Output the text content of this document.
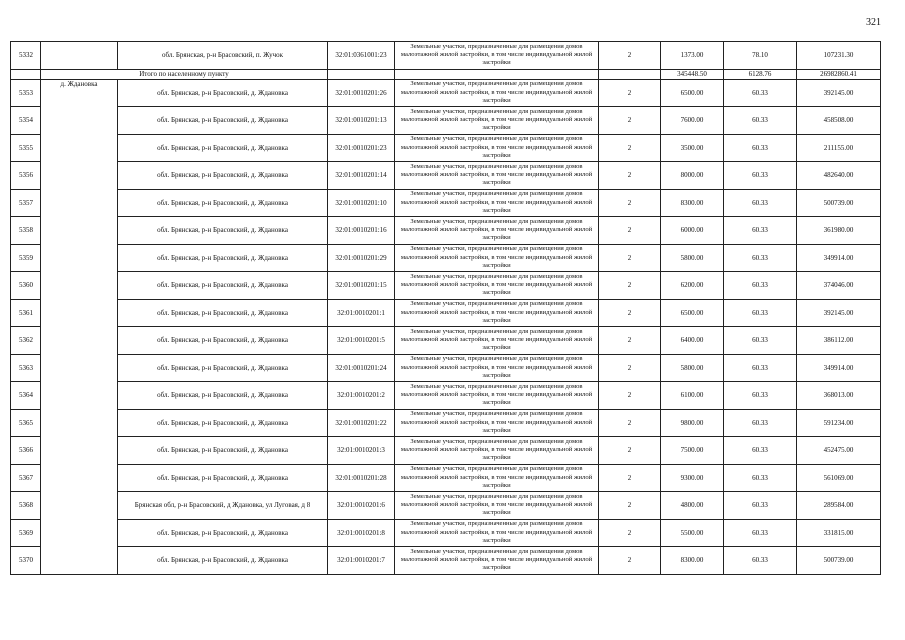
321
5332		обл. Брянская, р-н Брасовский, п. Жучок	32:01:0361001:23	Земельные участки, предназначенные для размещения домов малоэтажной жилой застройки, в том числе индивидуальной жилой застройки	2	1373.00	78.10	107231.30
	Итого по населенному пункту					345448.50	6128.76	26982860.41
5353	д. Ждановка	обл. Брянская, р-н Брасовский, д. Ждановка	32:01:0010201:26	Земельные участки, предназначенные для размещения домов малоэтажной жилой застройки, в том числе индивидуальной жилой застройки	2	6500.00	60.33	392145.00
5354		обл. Брянская, р-н Брасовский, д. Ждановка	32:01:0010201:13	Земельные участки, предназначенные для размещения домов малоэтажной жилой застройки, в том числе индивидуальной жилой застройки	2	7600.00	60.33	458508.00
5355		обл. Брянская, р-н Брасовский, д. Ждановка	32:01:0010201:23	Земельные участки, предназначенные для размещения домов малоэтажной жилой застройки, в том числе индивидуальной жилой застройки	2	3500.00	60.33	211155.00
5356		обл. Брянская, р-н Брасовский, д. Ждановка	32:01:0010201:14	Земельные участки, предназначенные для размещения домов малоэтажной жилой застройки, в том числе индивидуальной жилой застройки	2	8000.00	60.33	482640.00
5357		обл. Брянская, р-н Брасовский, д. Ждановка	32:01:0010201:10	Земельные участки, предназначенные для размещения домов малоэтажной жилой застройки, в том числе индивидуальной жилой застройки	2	8300.00	60.33	500739.00
5358		обл. Брянская, р-н Брасовский, д. Ждановка	32:01:0010201:16	Земельные участки, предназначенные для размещения домов малоэтажной жилой застройки, в том числе индивидуальной жилой застройки	2	6000.00	60.33	361980.00
5359		обл. Брянская, р-н Брасовский, д. Ждановка	32:01:0010201:29	Земельные участки, предназначенные для размещения домов малоэтажной жилой застройки, в том числе индивидуальной жилой застройки	2	5800.00	60.33	349914.00
5360		обл. Брянская, р-н Брасовский, д. Ждановка	32:01:0010201:15	Земельные участки, предназначенные для размещения домов малоэтажной жилой застройки, в том числе индивидуальной жилой застройки	2	6200.00	60.33	374046.00
5361		обл. Брянская, р-н Брасовский, д. Ждановка	32:01:0010201:1	Земельные участки, предназначенные для размещения домов малоэтажной жилой застройки, в том числе индивидуальной жилой застройки	2	6500.00	60.33	392145.00
5362		обл. Брянская, р-н Брасовский, д. Ждановка	32:01:0010201:5	Земельные участки, предназначенные для размещения домов малоэтажной жилой застройки, в том числе индивидуальной жилой застройки	2	6400.00	60.33	386112.00
5363		обл. Брянская, р-н Брасовский, д. Ждановка	32:01:0010201:24	Земельные участки, предназначенные для размещения домов малоэтажной жилой застройки, в том числе индивидуальной жилой застройки	2	5800.00	60.33	349914.00
5364		обл. Брянская, р-н Брасовский, д. Ждановка	32:01:0010201:2	Земельные участки, предназначенные для размещения домов малоэтажной жилой застройки, в том числе индивидуальной жилой застройки	2	6100.00	60.33	368013.00
5365		обл. Брянская, р-н Брасовский, д. Ждановка	32:01:0010201:22	Земельные участки, предназначенные для размещения домов малоэтажной жилой застройки, в том числе индивидуальной жилой застройки	2	9800.00	60.33	591234.00
5366		обл. Брянская, р-н Брасовский, д. Ждановка	32:01:0010201:3	Земельные участки, предназначенные для размещения домов малоэтажной жилой застройки, в том числе индивидуальной жилой застройки	2	7500.00	60.33	452475.00
5367		обл. Брянская, р-н Брасовский, д. Ждановка	32:01:0010201:28	Земельные участки, предназначенные для размещения домов малоэтажной жилой застройки, в том числе индивидуальной жилой застройки	2	9300.00	60.33	561069.00
5368		Брянская обл, р-н Брасовский, д Ждановка, ул Луговая, д 8	32:01:0010201:6	Земельные участки, предназначенные для размещения домов малоэтажной жилой застройки, в том числе индивидуальной жилой застройки	2	4800.00	60.33	289584.00
5369		обл. Брянская, р-н Брасовский, д. Ждановка	32:01:0010201:8	Земельные участки, предназначенные для размещения домов малоэтажной жилой застройки, в том числе индивидуальной жилой застройки	2	5500.00	60.33	331815.00
5370		обл. Брянская, р-н Брасовский, д. Ждановка	32:01:0010201:7	Земельные участки, предназначенные для размещения домов малоэтажной жилой застройки, в том числе индивидуальной жилой застройки	2	8300.00	60.33	500739.00
